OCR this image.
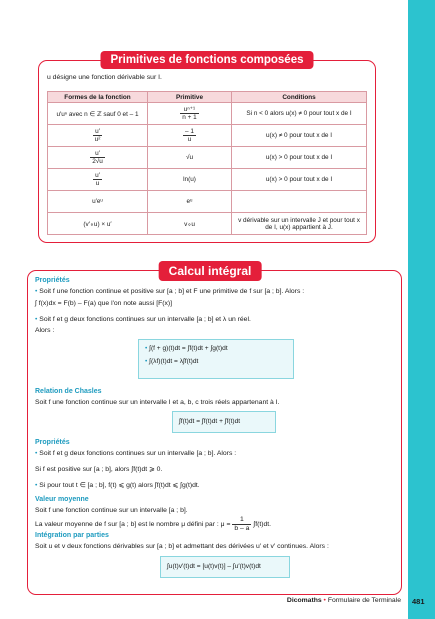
Primitives de fonctions composées
u désigne une fonction dérivable sur I.
Formes de la fonction	Primitive	Conditions
u′uⁿ avec n ∈ ℤ sauf 0 et – 1	$\frac{\text{uⁿ⁺¹}}{n + 1}$	Si n < 0 alors u(x) ≠ 0 pour tout x de I

$\frac{u'}{\text{u²}}$	$\frac{- 1}{u}$	u(x) ≠ 0 pour tout x de I

$\frac{u'}{2√u}$	√u	u(x) > 0 pour tout x de I

$\frac{u'}{u}$	ln(u)	u(x) > 0 pour tout x de I
u′eᵘ	eᵘ	
(v′∘u) × u′	v∘u	v dérivable sur un intervalle J et pour tout x de I, u(x) appartient à J.
Calcul intégral
Propriétés
• Soit f une fonction continue et positive sur [a ; b] et F une primitive de f sur [a ; b]. Alors :
∫ f(x)dx = F(b) – F(a) que l'on note aussi [F(x)]
• Soit f et g deux fonctions continues sur un intervalle [a ; b] et λ un réel.
Alors :
• ∫(f + g)(t)dt = ∫f(t)dt + ∫g(t)dt
• ∫(λf)(t)dt = λ∫f(t)dt
Relation de Chasles
Soit f une fonction continue sur un intervalle I et a, b, c trois réels appartenant à I.
∫f(t)dt = ∫f(t)dt + ∫f(t)dt
Propriétés
• Soit f et g deux fonctions continues sur un intervalle [a ; b]. Alors :
Si f est positive sur [a ; b], alors ∫f(t)dt ⩾ 0.
• Si pour tout t ∈ [a ; b], f(t) ⩽ g(t) alors ∫f(t)dt ⩽ ∫g(t)dt.
Valeur moyenne
Soit f une fonction continue sur un intervalle [a ; b].
La valeur moyenne de f sur [a ; b] est le nombre μ défini par : $\mu = \frac{1}{b - a} \int f(t)dt$.
Intégration par parties
Soit u et v deux fonctions dérivables sur [a ; b] et admettant des dérivées u′ et v′ continues. Alors :
∫u(t)v′(t)dt = [u(t)v(t)] – ∫u′(t)v(t)dt
Dicomaths • Formulaire de Terminale 481
